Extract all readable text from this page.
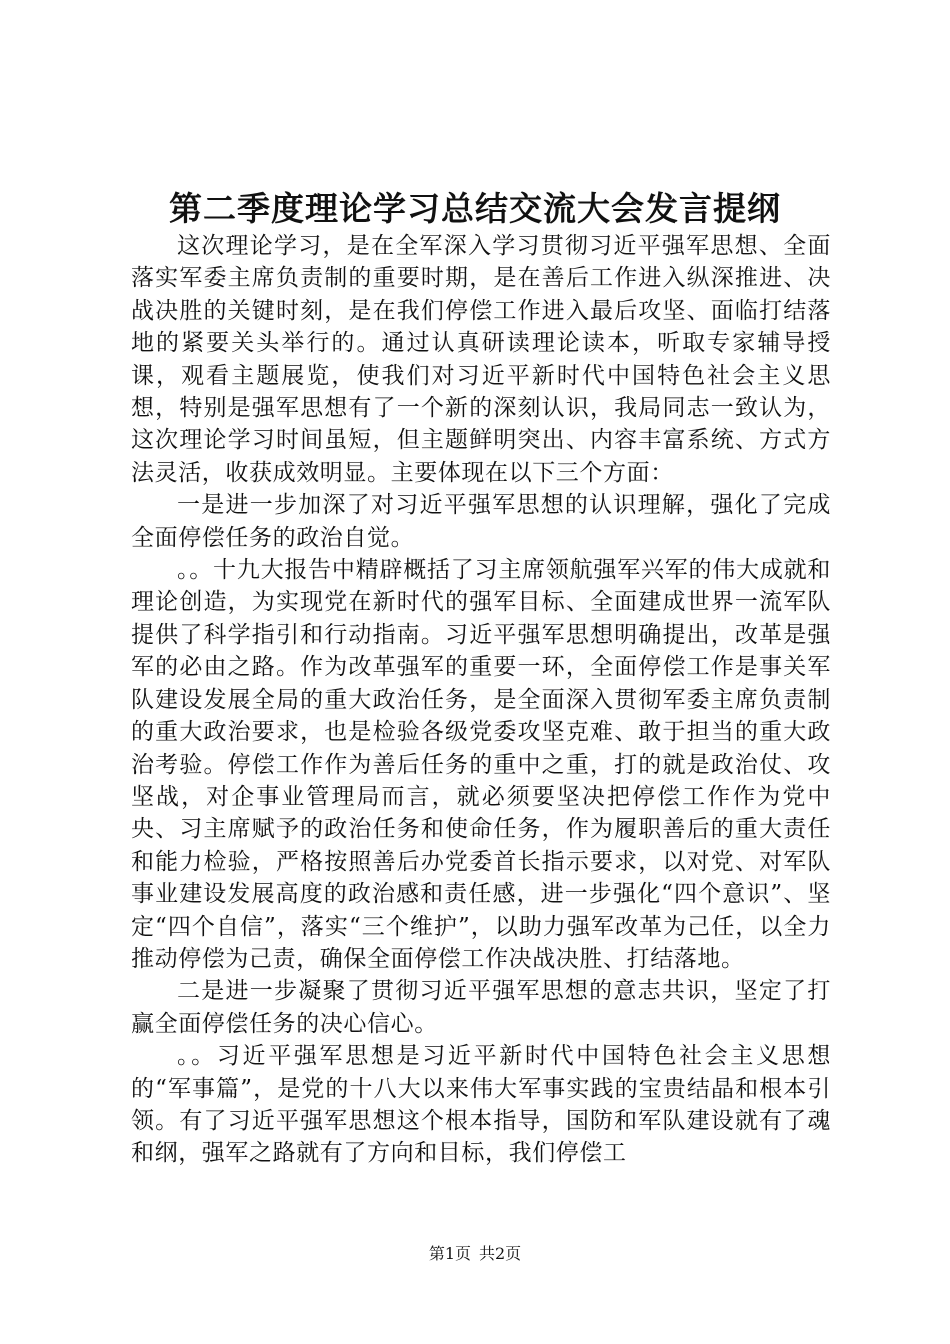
第二季度理论学习总结交流大会发言提纲

这次理论学习，是在全军深入学习贯彻习近平强军思想、全面落实军委主席负责制的重要时期，是在善后工作进入纵深推进、决战决胜的关键时刻，是在我们停偿工作进入最后攻坚、面临打结落地的紧要关头举行的。通过认真研读理论读本，听取专家辅导授课，观看主题展览，使我们对习近平新时代中国特色社会主义思想，特别是强军思想有了一个新的深刻认识，我局同志一致认为，这次理论学习时间虽短，但主题鲜明突出、内容丰富系统、方式方法灵活，收获成效明显。主要体现在以下三个方面：

一是进一步加深了对习近平强军思想的认识理解，强化了完成全面停偿任务的政治自觉。

。。十九大报告中精辟概括了习主席领航强军兴军的伟大成就和理论创造，为实现党在新时代的强军目标、全面建成世界一流军队提供了科学指引和行动指南。习近平强军思想明确提出，改革是强军的必由之路。作为改革强军的重要一环，全面停偿工作是事关军队建设发展全局的重大政治任务，是全面深入贯彻军委主席负责制的重大政治要求，也是检验各级党委攻坚克难、敢于担当的重大政治考验。停偿工作作为善后任务的重中之重，打的就是政治仗、攻坚战，对企事业管理局而言，就必须要坚决把停偿工作作为党中央、习主席赋予的政治任务和使命任务，作为履职善后的重大责任和能力检验，严格按照善后办党委首长指示要求，以对党、对军队事业建设发展高度的政治感和责任感，进一步强化“四个意识”、坚定“四个自信”，落实“三个维护”，以助力强军改革为己任，以全力推动停偿为己责，确保全面停偿工作决战决胜、打结落地。

二是进一步凝聚了贯彻习近平强军思想的意志共识，坚定了打赢全面停偿任务的决心信心。

。。习近平强军思想是习近平新时代中国特色社会主义思想的“军事篇”，是党的十八大以来伟大军事实践的宝贵结晶和根本引领。有了习近平强军思想这个根本指导，国防和军队建设就有了魂和纲，强军之路就有了方向和目标，我们停偿工

第1页 共2页
